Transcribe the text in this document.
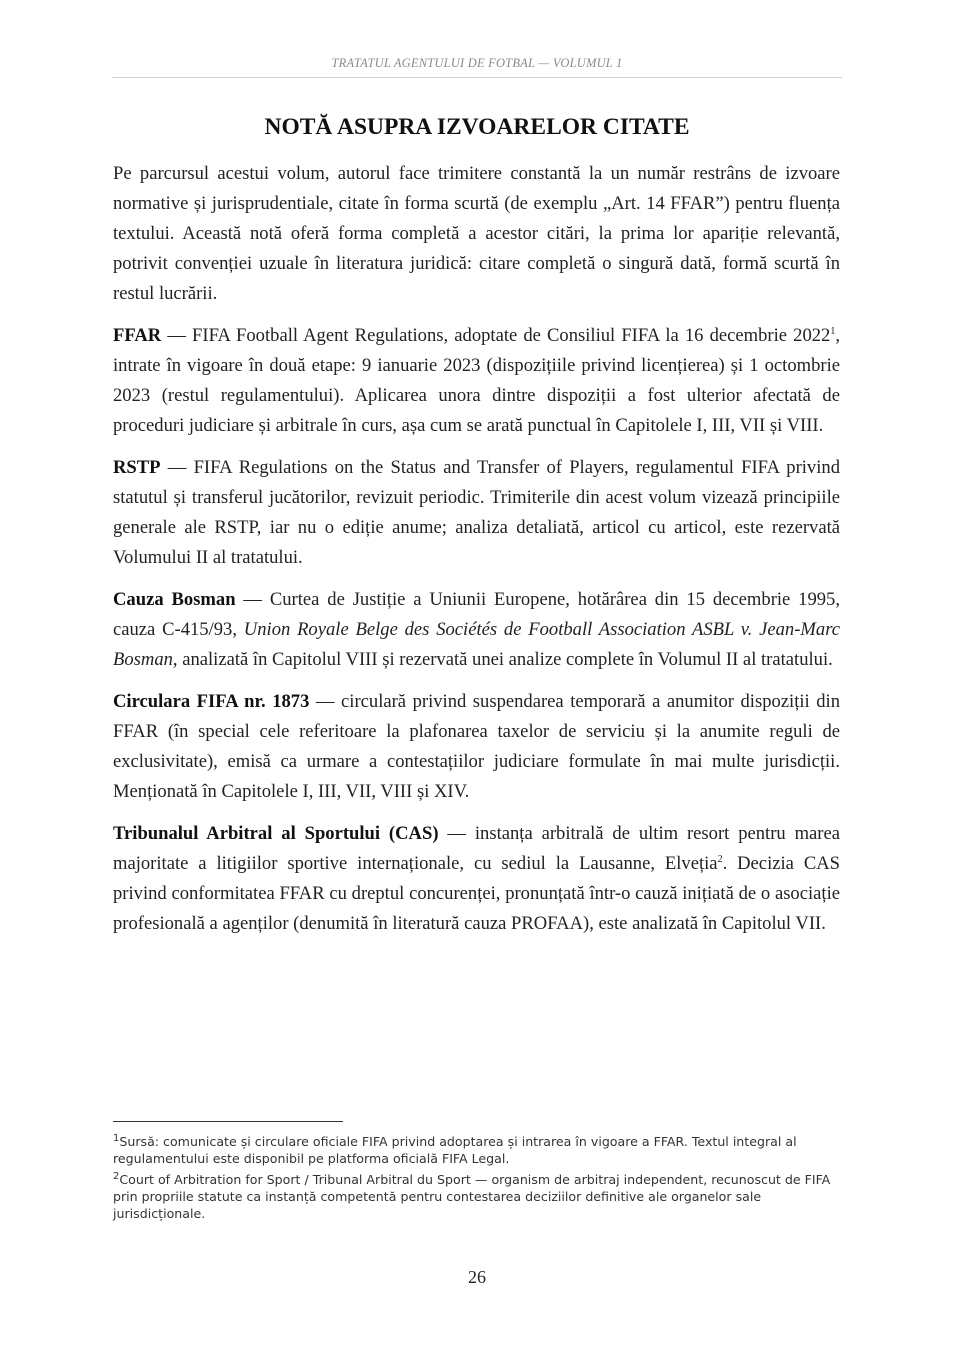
TRATATUL AGENTULUI DE FOTBAL — VOLUMUL 1
NOTĂ ASUPRA IZVOARELOR CITATE

Pe parcursul acestui volum, autorul face trimitere constantă la un număr restrâns de izvoare normative și jurisprudentiale, citate în forma scurtă (de exemplu „Art. 14 FFAR”) pentru fluența textului. Această notă oferă forma completă a acestor citări, la prima lor apariție relevantă, potrivit convenției uzuale în literatura juridică: citare completă o singură dată, formă scurtă în restul lucrării.

FFAR — FIFA Football Agent Regulations, adoptate de Consiliul FIFA la 16 decembrie 2022$^1$, intrate în vigoare în două etape: 9 ianuarie 2023 (dispozițiile privind licențierea) și 1 octombrie 2023 (restul regulamentului). Aplicarea unora dintre dispoziții a fost ulterior afectată de proceduri judiciare și arbitrale în curs, așa cum se arată punctual în Capitolele I, III, VII și VIII.

RSTP — FIFA Regulations on the Status and Transfer of Players, regulamentul FIFA privind statutul și transferul jucătorilor, revizuit periodic. Trimiterile din acest volum vizează principiile generale ale RSTP, iar nu o ediție anume; analiza detaliată, articol cu articol, este rezervată Volumului II al tratatului.

Cauza Bosman — Curtea de Justiție a Uniunii Europene, hotărârea din 15 decembrie 1995, cauza C-415/93, Union Royale Belge des Sociétés de Football Association ASBL v. Jean-Marc Bosman, analizată în Capitolul VIII și rezervată unei analize complete în Volumul II al tratatului.

Circulara FIFA nr. 1873 — circulară privind suspendarea temporară a anumitor dispoziții din FFAR (în special cele referitoare la plafonarea taxelor de serviciu și la anumite reguli de exclusivitate), emisă ca urmare a contestațiilor judiciare formulate în mai multe jurisdicții. Menționată în Capitolele I, III, VII, VIII și XIV.

Tribunalul Arbitral al Sportului (CAS) — instanța arbitrală de ultim resort pentru marea majoritate a litigiilor sportive internaționale, cu sediul la Lausanne, Elveția$^2$. Decizia CAS privind conformitatea FFAR cu dreptul concurenței, pronunțată într-o cauză inițiată de o asociație profesională a agenților (denumită în literatură cauza PROFAA), este analizată în Capitolul VII.

$^1$Sursă: comunicate și circulare oficiale FIFA privind adoptarea și intrarea în vigoare a FFAR. Textul integral al regulamentului este disponibil pe platforma oficială FIFA Legal.

$^2$Court of Arbitration for Sport / Tribunal Arbitral du Sport — organism de arbitraj independent, recunoscut de FIFA prin propriile statute ca instanță competentă pentru contestarea deciziilor definitive ale organelor sale jurisdicționale.

26
